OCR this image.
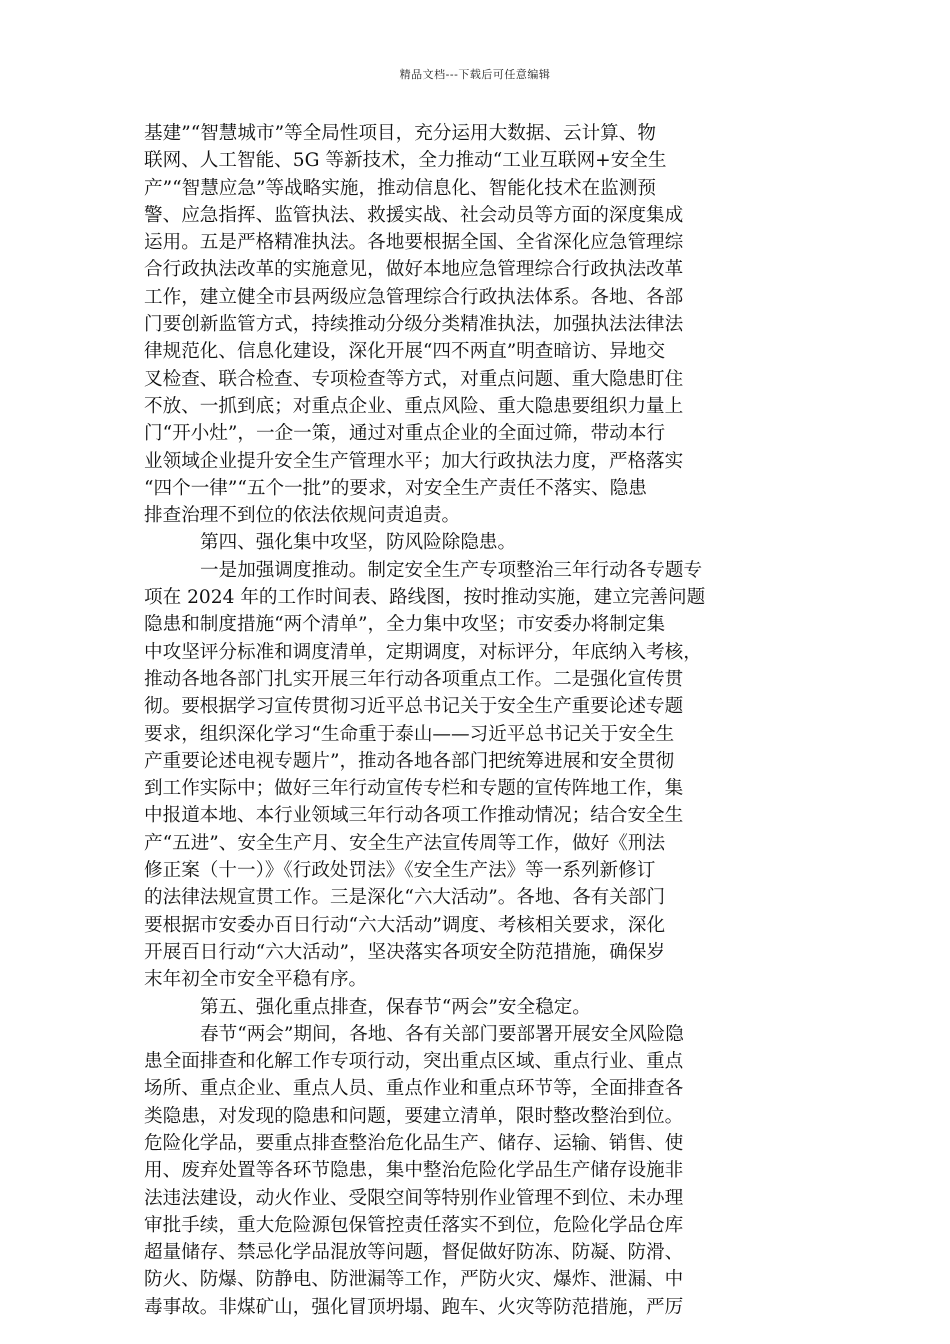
精品文档---下载后可任意编辑
基建”“智慧城市”等全局性项目，充分运用大数据、云计算、物
联网、人工智能、5G 等新技术，全力推动“工业互联网+安全生
产”“智慧应急”等战略实施，推动信息化、智能化技术在监测预
警、应急指挥、监管执法、救援实战、社会动员等方面的深度集成
运用。五是严格精准执法。各地要根据全国、全省深化应急管理综
合行政执法改革的实施意见，做好本地应急管理综合行政执法改革
工作，建立健全市县两级应急管理综合行政执法体系。各地、各部
门要创新监管方式，持续推动分级分类精准执法，加强执法法律法
律规范化、信息化建设，深化开展“四不两直”明查暗访、异地交
叉检查、联合检查、专项检查等方式，对重点问题、重大隐患盯住
不放、一抓到底；对重点企业、重点风险、重大隐患要组织力量上
门“开小灶”，一企一策，通过对重点企业的全面过筛，带动本行
业领域企业提升安全生产管理水平；加大行政执法力度，严格落实
“四个一律”“五个一批”的要求，对安全生产责任不落实、隐患
排查治理不到位的依法依规问责追责。
第四、强化集中攻坚，防风险除隐患。
一是加强调度推动。制定安全生产专项整治三年行动各专题专
项在 2024 年的工作时间表、路线图，按时推动实施，建立完善问题
隐患和制度措施“两个清单”，全力集中攻坚；市安委办将制定集
中攻坚评分标准和调度清单，定期调度，对标评分，年底纳入考核，
推动各地各部门扎实开展三年行动各项重点工作。二是强化宣传贯
彻。要根据学习宣传贯彻习近平总书记关于安全生产重要论述专题
要求，组织深化学习“生命重于泰山——习近平总书记关于安全生
产重要论述电视专题片”，推动各地各部门把统筹进展和安全贯彻
到工作实际中；做好三年行动宣传专栏和专题的宣传阵地工作，集
中报道本地、本行业领域三年行动各项工作推动情况；结合安全生
产“五进”、安全生产月、安全生产法宣传周等工作，做好《刑法
修正案（十一）》《行政处罚法》《安全生产法》等一系列新修订
的法律法规宣贯工作。三是深化“六大活动”。各地、各有关部门
要根据市安委办百日行动“六大活动”调度、考核相关要求，深化
开展百日行动“六大活动”，坚决落实各项安全防范措施，确保岁
末年初全市安全平稳有序。
第五、强化重点排查，保春节“两会”安全稳定。
春节“两会”期间，各地、各有关部门要部署开展安全风险隐
患全面排查和化解工作专项行动，突出重点区域、重点行业、重点
场所、重点企业、重点人员、重点作业和重点环节等，全面排查各
类隐患，对发现的隐患和问题，要建立清单，限时整改整治到位。
危险化学品，要重点排查整治危化品生产、储存、运输、销售、使
用、废弃处置等各环节隐患，集中整治危险化学品生产储存设施非
法违法建设，动火作业、受限空间等特别作业管理不到位、未办理
审批手续，重大危险源包保管控责任落实不到位，危险化学品仓库
超量储存、禁忌化学品混放等问题，督促做好防冻、防凝、防滑、
防火、防爆、防静电、防泄漏等工作，严防火灾、爆炸、泄漏、中
毒事故。非煤矿山，强化冒顶坍塌、跑车、火灾等防范措施，严厉
